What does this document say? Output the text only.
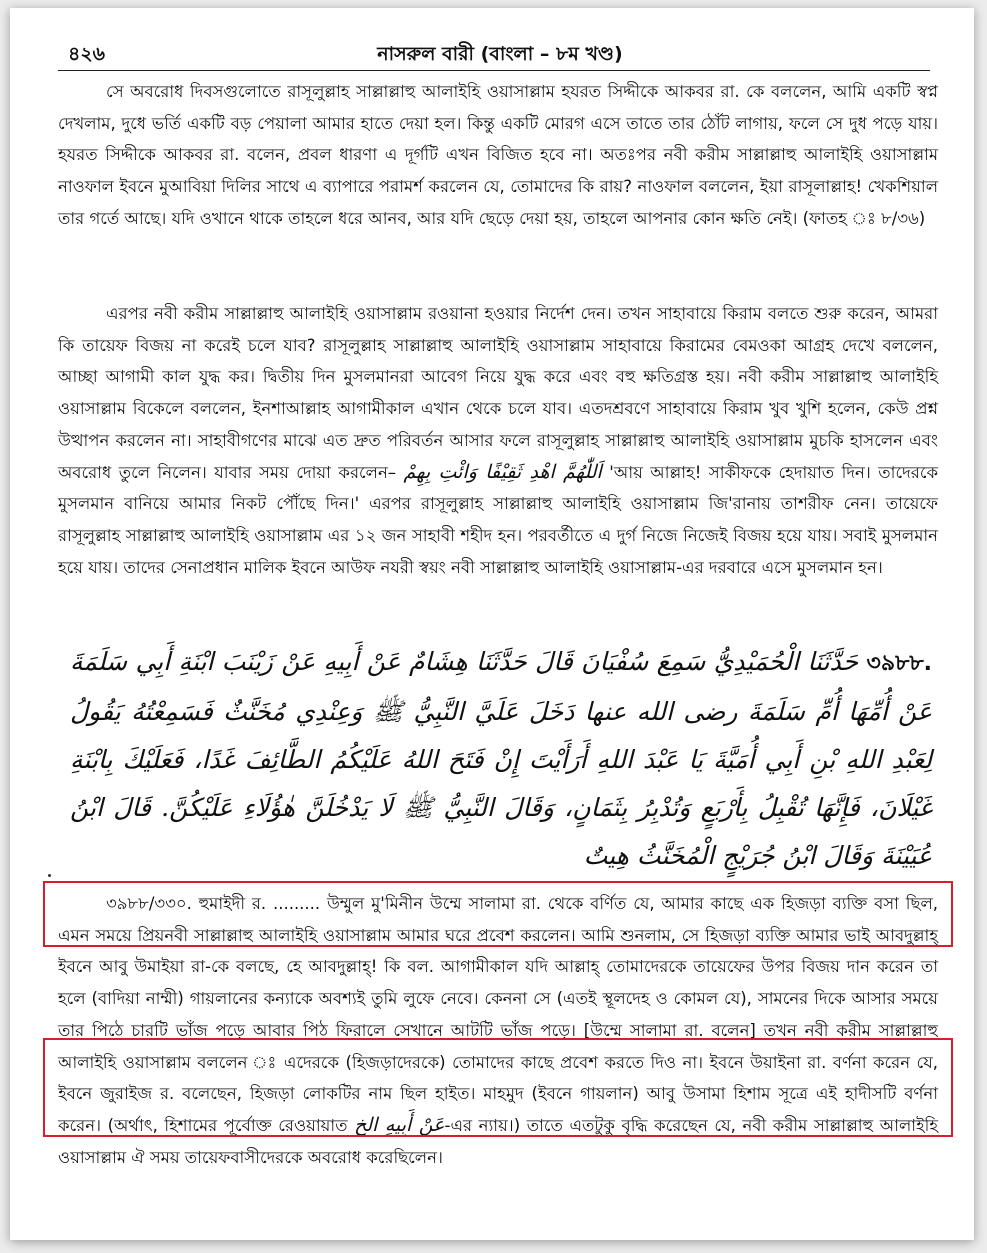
৪২৬	নাসরুল বারী (বাংলা – ৮ম খণ্ড)

সে অবরোধ দিবসগুলোতে রাসূলুল্লাহ সাল্লাল্লাহু আলাইহি ওয়াসাল্লাম হযরত সিদ্দীকে আকবর রা. কে বললেন, আমি একটি স্বপ্ন দেখলাম, দুধে ভর্তি একটি বড় পেয়ালা আমার হাতে দেয়া হল। কিন্তু একটি মোরগ এসে তাতে তার ঠোঁট লাগায়, ফলে সে দুধ পড়ে যায়। হযরত সিদ্দীকে আকবর রা. বলেন, প্রবল ধারণা এ দূর্গটি এখন বিজিত হবে না। অতঃপর নবী করীম সাল্লাল্লাহু আলাইহি ওয়াসাল্লাম নাওফাল ইবনে মুআবিয়া দিলির সাথে এ ব্যাপারে পরামর্শ করলেন যে, তোমাদের কি রায়? নাওফাল বললেন, ইয়া রাসূলাল্লাহ! খেকশিয়াল তার গর্তে আছে। যদি ওখানে থাকে তাহলে ধরে আনব, আর যদি ছেড়ে দেয়া হয়, তাহলে আপনার কোন ক্ষতি নেই। (ফাতহ ঃ ৮/৩৬)

এরপর নবী করীম সাল্লাল্লাহু আলাইহি ওয়াসাল্লাম রওয়ানা হওয়ার নির্দেশ দেন। তখন সাহাবায়ে কিরাম বলতে শুরু করেন, আমরা কি তায়েফ বিজয় না করেই চলে যাব? রাসূলুল্লাহ সাল্লাল্লাহু আলাইহি ওয়াসাল্লাম সাহাবায়ে কিরামের বেমওকা আগ্রহ দেখে বললেন, আচ্ছা আগামী কাল যুদ্ধ কর। দ্বিতীয় দিন মুসলমানরা আবেগ নিয়ে যুদ্ধ করে এবং বহু ক্ষতিগ্রস্ত হয়। নবী করীম সাল্লাল্লাহু আলাইহি ওয়াসাল্লাম বিকেলে বললেন, ইনশাআল্লাহ আগামীকাল এখান থেকে চলে যাব। এতদশ্রবণে সাহাবায়ে কিরাম খুব খুশি হলেন, কেউ প্রশ্ন উত্থাপন করলেন না। সাহাবীগণের মাঝে এত দ্রুত পরিবর্তন আসার ফলে রাসূলুল্লাহ সাল্লাল্লাহু আলাইহি ওয়াসাল্লাম মুচকি হাসলেন এবং অবরোধ তুলে নিলেন। যাবার সময় দোয়া করলেন– اَللّٰهُمَّ اهْدِ ثَقِيْفًا وَائْتِ بِهِمْ 'আয় আল্লাহ! সাকীফকে হেদায়াত দিন। তাদেরকে মুসলমান বানিয়ে আমার নিকট পৌঁছে দিন।' এরপর রাসূলুল্লাহ সাল্লাল্লাহু আলাইহি ওয়াসাল্লাম জি'রানায় তাশরীফ নেন। তায়েফে রাসূলুল্লাহ সাল্লাল্লাহু আলাইহি ওয়াসাল্লাম এর ১২ জন সাহাবী শহীদ হন। পরবর্তীতে এ দুর্গ নিজে নিজেই বিজয় হয়ে যায়। সবাই মুসলমান হয়ে যায়। তাদের সেনাপ্রধান মালিক ইবনে আউফ নযরী স্বয়ং নবী সাল্লাল্লাহু আলাইহি ওয়াসাল্লাম-এর দরবারে এসে মুসলমান হন।

৩৯৮৮. حَدَّثَنَا الْحُمَيْدِيُّ سَمِعَ سُفْيَانَ قَالَ حَدَّثَنَا هِشَامٌ عَنْ أَبِيهِ عَنْ زَيْنَبَ ابْنَةِ أَبِي سَلَمَةَ عَنْ أُمِّهَا أُمِّ سَلَمَةَ رضى الله عنها دَخَلَ عَلَيَّ النَّبِيُّ ﷺ وَعِنْدِي مُخَنَّثٌ فَسَمِعْتُهُ يَقُولُ لِعَبْدِ اللهِ بْنِ أَبِي أُمَيَّةَ يَا عَبْدَ اللهِ أَرَأَيْتَ إِنْ فَتَحَ اللهُ عَلَيْكُمُ الطَّائِفَ غَدًا، فَعَلَيْكَ بِابْنَةِ غَيْلَانَ، فَإِنَّهَا تُقْبِلُ بِأَرْبَعٍ وَتُدْبِرُ بِثَمَانٍ، وَقَالَ النَّبِيُّ ﷺ لَا يَدْخُلَنَّ هٰؤُلَاءِ عَلَيْكُنَّ. قَالَ ابْنُ عُيَيْنَةَ وَقَالَ ابْنُ جُرَيْجٍ الْمُخَنَّثُ هِيتٌ

৩৯৮৮/৩৩০. হুমাইদী র. ......... উম্মুল মু'মিনীন উম্মে সালামা রা. থেকে বর্ণিত যে, আমার কাছে এক হিজড়া ব্যক্তি বসা ছিল, এমন সময়ে প্রিয়নবী সাল্লাল্লাহু আলাইহি ওয়াসাল্লাম আমার ঘরে প্রবেশ করলেন। আমি শুনলাম, সে হিজড়া ব্যক্তি আমার ভাই আবদুল্লাহ্ ইবনে আবু উমাইয়া রা-কে বলছে, হে আবদুল্লাহ্! কি বল. আগামীকাল যদি আল্লাহ্ তোমাদেরকে তায়েফের উপর বিজয় দান করেন তা হলে (বাদিয়া নাম্মী) গায়লানের কন্যাকে অবশ্যই তুমি লুফে নেবে। কেননা সে (এতই স্থূলদেহ ও কোমল যে), সামনের দিকে আসার সময়ে তার পিঠে চারটি ভাঁজ পড়ে আবার পিঠ ফিরালে সেখানে আটটি ভাঁজ পড়ে। [উম্মে সালামা রা. বলেন] তখন নবী করীম সাল্লাল্লাহু আলাইহি ওয়াসাল্লাম বললেন ঃ এদেরকে (হিজড়াদেরকে) তোমাদের কাছে প্রবেশ করতে দিও না। ইবনে উয়াইনা রা. বর্ণনা করেন যে, ইবনে জুরাইজ র. বলেছেন, হিজড়া লোকটির নাম ছিল হাইত। মাহমুদ (ইবনে গায়লান) আবু উসামা হিশাম সূত্রে এই হাদীসটি বর্ণনা করেন। (অর্থাৎ, হিশামের পূর্বোক্ত রেওয়ায়াত عَنْ أَبِيهِ الخ-এর ন্যায়।) তাতে এতটুকু বৃদ্ধি করেছেন যে, নবী করীম সাল্লাল্লাহু আলাইহি ওয়াসাল্লাম ঐ সময় তায়েফবাসীদেরকে অবরোধ করেছিলেন।
